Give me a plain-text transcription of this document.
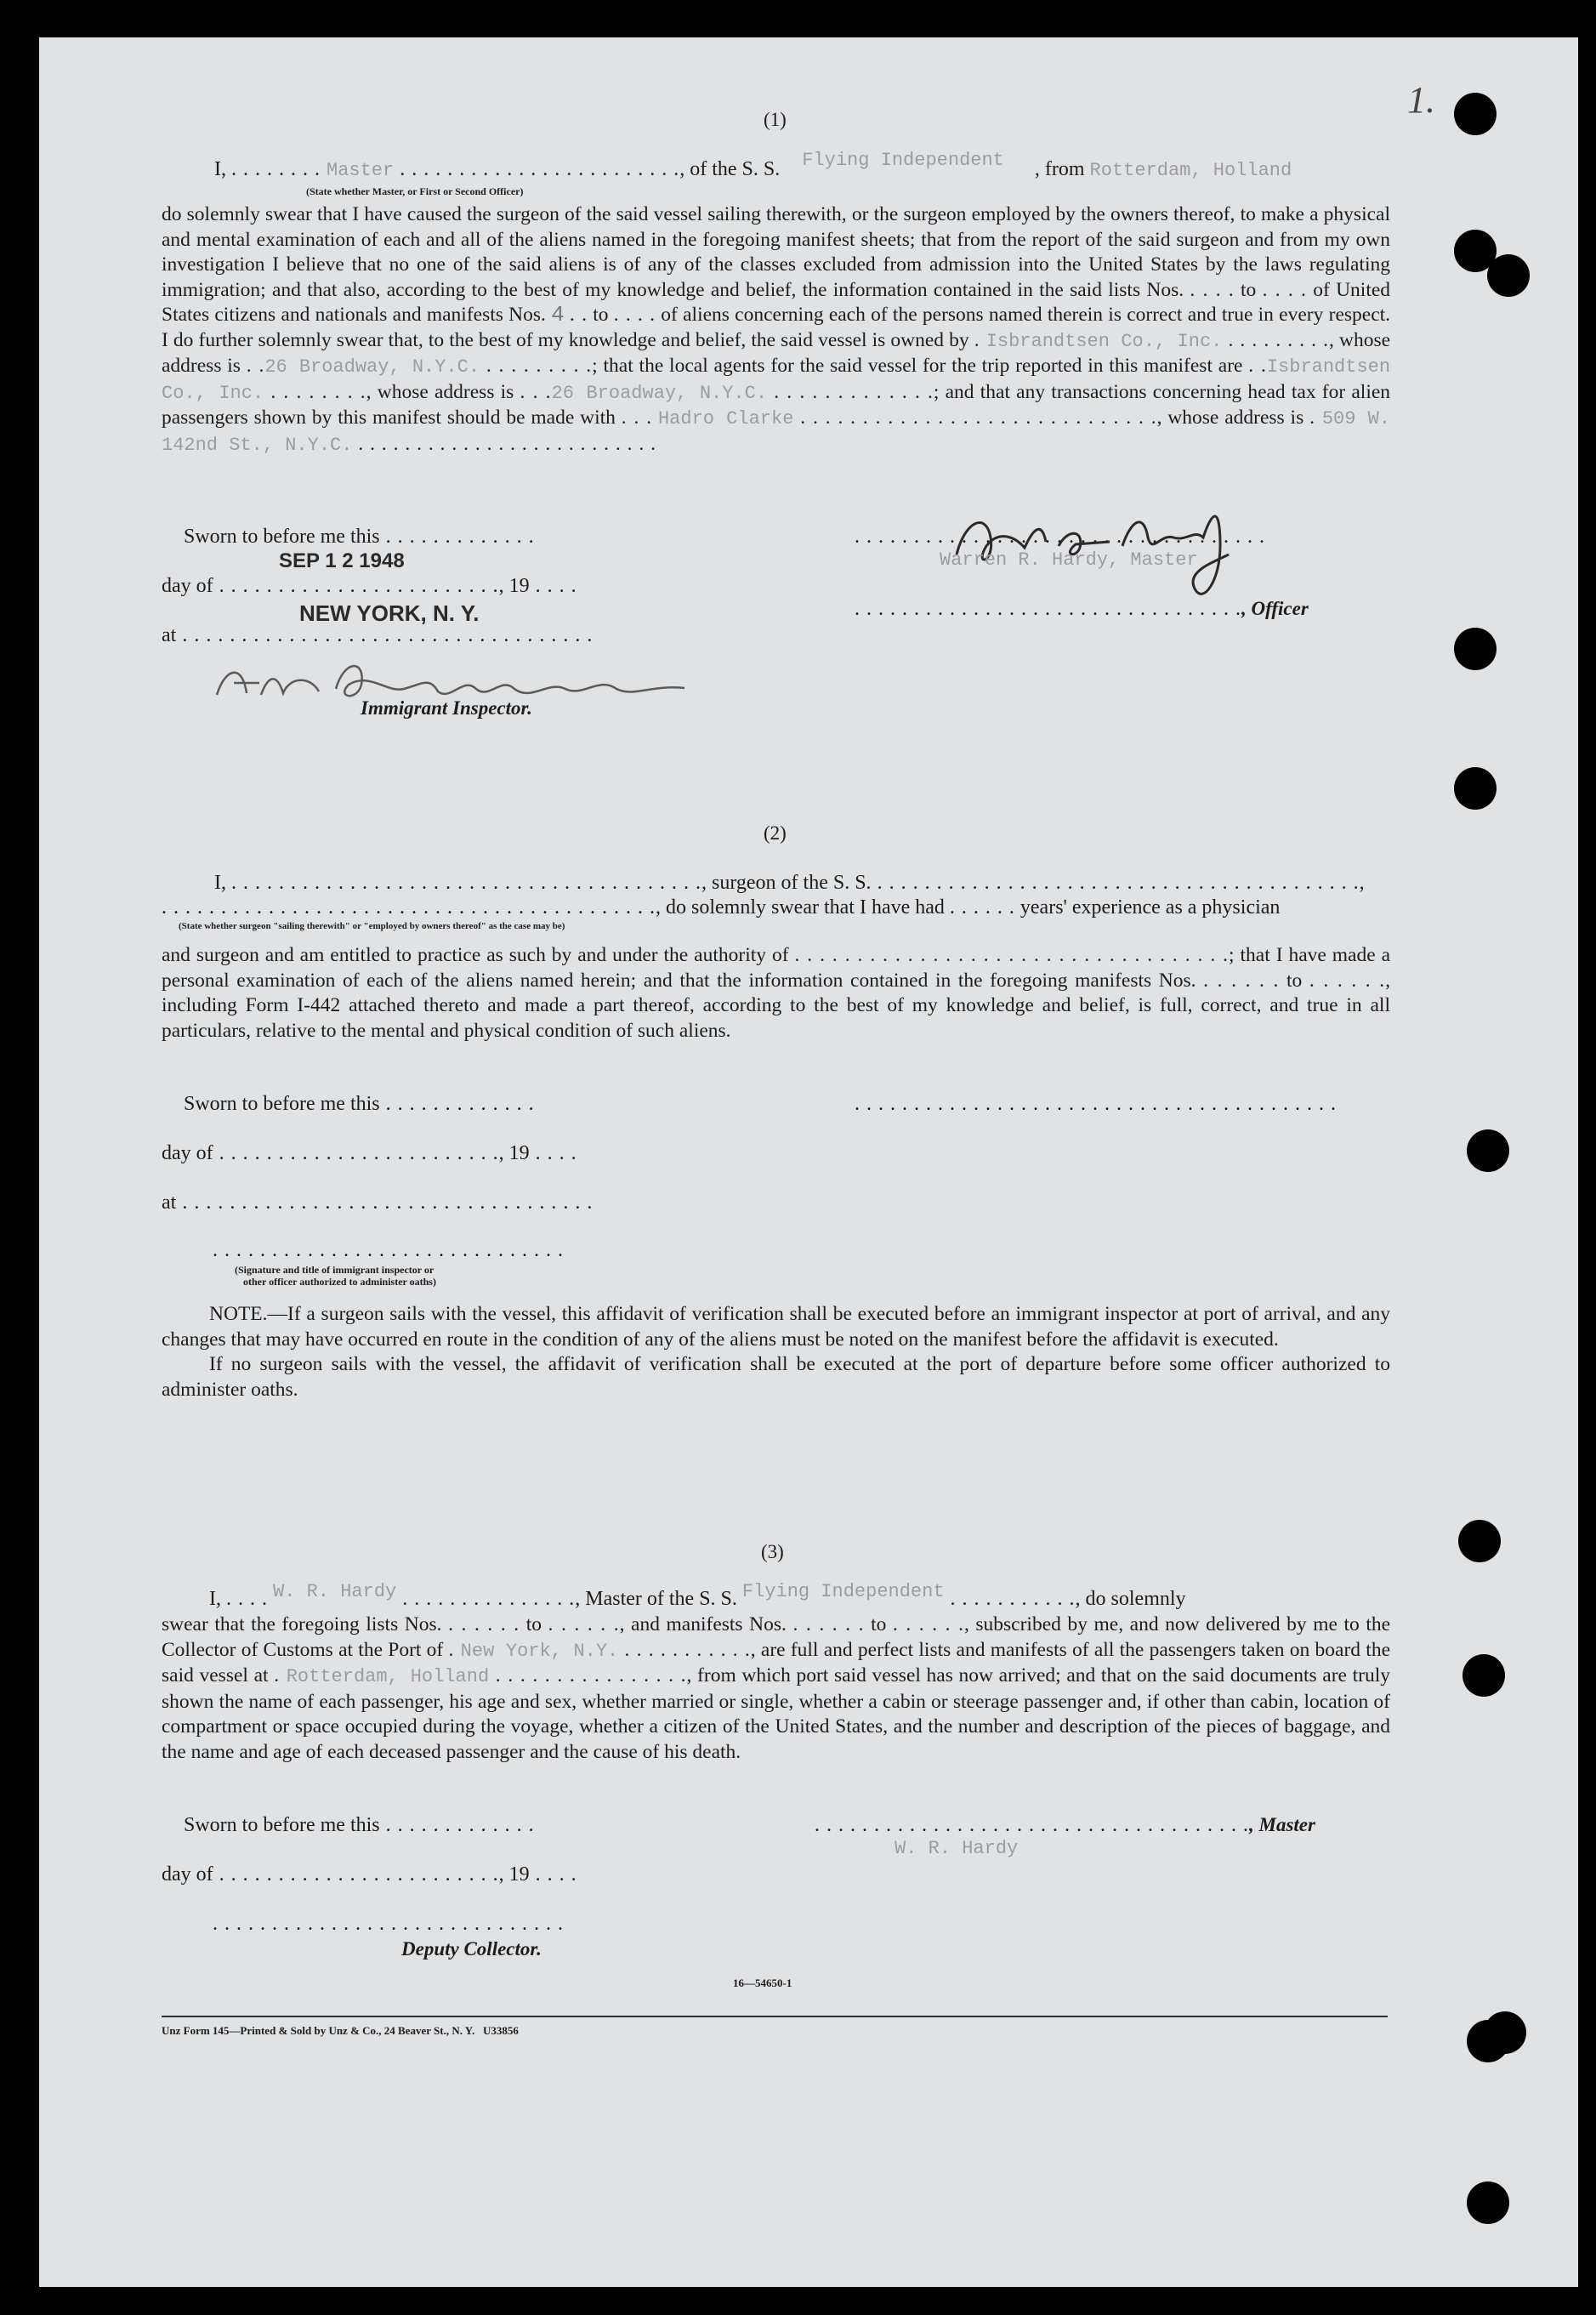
1.
(1)
I, . . . . . . . . Master . . . . . . . . . . . . . . . . . . . . . . . ., of the S. S. Flying Independent , from Rotterdam, Holland
(State whether Master, or First or Second Officer)

do solemnly swear that I have caused the surgeon of the said vessel sailing therewith, or the surgeon employed by the owners thereof, to make a physical and mental examination of each and all of the aliens named in the foregoing manifest sheets; that from the report of the said surgeon and from my own investigation I believe that no one of the said aliens is of any of the classes excluded from admission into the United States by the laws regulating immigration; and that also, according to the best of my knowledge and belief, the information contained in the said lists Nos. . . . . to . . . . of United States citizens and nationals and manifests Nos. 4 . . to . . . . of aliens concerning each of the persons named therein is correct and true in every respect. I do further solemnly swear that, to the best of my knowledge and belief, the said vessel is owned by . Isbrandtsen Co., Inc. . . . . . . . . ., whose address is . .26 Broadway, N.Y.C. . . . . . . . . .; that the local agents for the said vessel for the trip reported in this manifest are . .Isbrandtsen Co., Inc. . . . . . . . ., whose address is . . .26 Broadway, N.Y.C. . . . . . . . . . . . . .; and that any transactions concerning head tax for alien passengers shown by this manifest should be made with . . . Hadro Clarke . . . . . . . . . . . . . . . . . . . . . . . . . . . . ., whose address is . 509 W. 142nd St., N.Y.C. . . . . . . . . . . . . . . . . . . . . . . . . . .

Sworn to before me this . . . . . . . . . . . . .
day of . . . . . . . . . . . . . . . . . . . . . . . ., 19 . . . .
SEP 1 2 1948
NEW YORK, N. Y.
at . . . . . . . . . . . . . . . . . . . . . . . . . . . . . . . . . . .
Immigrant Inspector.
. . . . . . . . . . . . . . . . . . . . . . . . . . . . . . . . . . .
Warren R. Hardy, Master
. . . . . . . . . . . . . . . . . . . . . . . . . . . . . . . . ., Officer
(2)
I, . . . . . . . . . . . . . . . . . . . . . . . . . . . . . . . . . . . . . . . ., surgeon of the S. S. . . . . . . . . . . . . . . . . . . . . . . . . . . . . . . . . . . . . . . . . .,
. . . . . . . . . . . . . . . . . . . . . . . . . . . . . . . . . . . . . . . . . ., do solemnly swear that I have had . . . . . . years' experience as a physician
(State whether surgeon "sailing therewith" or "employed by owners thereof" as the case may be)

and surgeon and am entitled to practice as such by and under the authority of . . . . . . . . . . . . . . . . . . . . . . . . . . . . . . . . . . .; that I have made a personal examination of each of the aliens named herein; and that the information contained in the foregoing manifests Nos. . . . . . . to . . . . . ., including Form I-442 attached thereto and made a part thereof, according to the best of my knowledge and belief, is full, correct, and true in all particulars, relative to the mental and physical condition of such aliens.

Sworn to before me this . . . . . . . . . . . . .	. . . . . . . . . . . . . . . . . . . . . . . . . . . . . . . . . . . . . . . . .
day of . . . . . . . . . . . . . . . . . . . . . . . ., 19 . . . .
at . . . . . . . . . . . . . . . . . . . . . . . . . . . . . . . . . . .
. . . . . . . . . . . . . . . . . . . . . . . . . . . . . .
(Signature and title of immigrant inspector or
other officer authorized to administer oaths)

NOTE.—If a surgeon sails with the vessel, this affidavit of verification shall be executed before an immigrant inspector at port of arrival, and any changes that may have occurred en route in the condition of any of the aliens must be noted on the manifest before the affidavit is executed.

If no surgeon sails with the vessel, the affidavit of verification shall be executed at the port of departure before some officer authorized to administer oaths.

(3)
I, . . . . W. R. Hardy . . . . . . . . . . . . . . ., Master of the S. S. Flying Independent . . . . . . . . . . ., do solemnly

swear that the foregoing lists Nos. . . . . . . to . . . . . ., and manifests Nos. . . . . . . to . . . . . ., subscribed by me, and now delivered by me to the Collector of Customs at the Port of . New York, N.Y. . . . . . . . . . . ., are full and perfect lists and manifests of all the passengers taken on board the said vessel at . Rotterdam, Holland . . . . . . . . . . . . . . . ., from which port said vessel has now arrived; and that on the said documents are truly shown the name of each passenger, his age and sex, whether married or single, whether a cabin or steerage passenger and, if other than cabin, location of compartment or space occupied during the voyage, whether a citizen of the United States, and the number and description of the pieces of baggage, and the name and age of each deceased passenger and the cause of his death.

Sworn to before me this . . . . . . . . . . . . .	. . . . . . . . . . . . . . . . . . . . . . . . . . . . . . . . . . . . ., Master
W. R. Hardy
day of . . . . . . . . . . . . . . . . . . . . . . . ., 19 . . . .
. . . . . . . . . . . . . . . . . . . . . . . . . . . . . .
Deputy Collector.
16—54650-1
Unz Form 145—Printed & Sold by Unz & Co., 24 Beaver St., N. Y.   U33856
